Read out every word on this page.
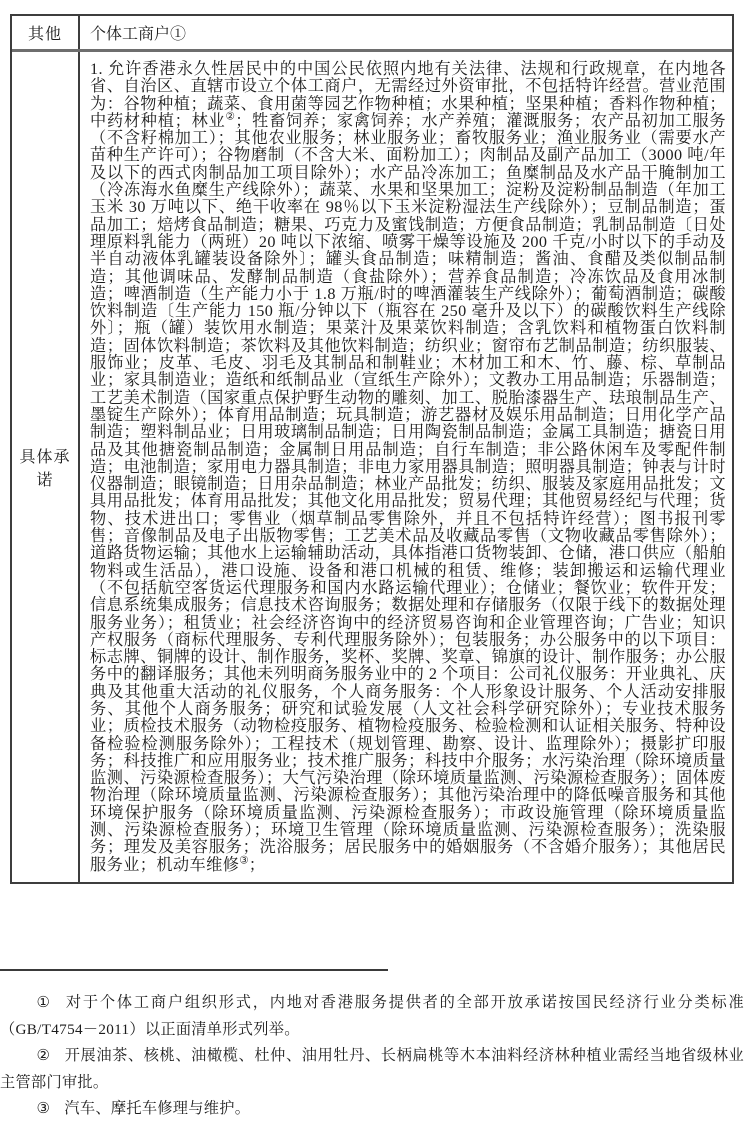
其他 个体工商户①
具体承诺

1. 允许香港永久性居民中的中国公民依照内地有关法律、法规和行政规章，在内地各省、自治区、直辖市设立个体工商户，无需经过外资审批，不包括特许经营。营业范围为：谷物种植；蔬菜、食用菌等园艺作物种植；水果种植；坚果种植；香料作物种植；中药材种植；林业②；牲畜饲养；家禽饲养；水产养殖；灌溉服务；农产品初加工服务（不含籽棉加工）；其他农业服务；林业服务业；畜牧服务业；渔业服务业（需要水产苗种生产许可）；谷物磨制（不含大米、面粉加工）；肉制品及副产品加工（3000 吨/年及以下的西式肉制品加工项目除外）；水产品冷冻加工；鱼糜制品及水产品干腌制加工（冷冻海水鱼糜生产线除外）；蔬菜、水果和坚果加工；淀粉及淀粉制品制造（年加工玉米 30 万吨以下、绝干收率在 98％以下玉米淀粉湿法生产线除外）；豆制品制造；蛋品加工；焙烤食品制造；糖果、巧克力及蜜饯制造；方便食品制造；乳制品制造〔日处理原料乳能力（两班）20 吨以下浓缩、喷雾干燥等设施及 200 千克/小时以下的手动及半自动液体乳罐装设备除外〕；罐头食品制造；味精制造；酱油、食醋及类似制品制造；其他调味品、发酵制品制造（食盐除外）；营养食品制造；冷冻饮品及食用冰制造；啤酒制造（生产能力小于 1.8 万瓶/时的啤酒灌装生产线除外）；葡萄酒制造；碳酸饮料制造〔生产能力 150 瓶/分钟以下（瓶容在 250 毫升及以下）的碳酸饮料生产线除外〕；瓶（罐）装饮用水制造；果菜汁及果菜饮料制造；含乳饮料和植物蛋白饮料制造；固体饮料制造；茶饮料及其他饮料制造；纺织业；窗帘布艺制品制造；纺织服装、服饰业；皮革、毛皮、羽毛及其制品和制鞋业；木材加工和木、竹、藤、棕、草制品业；家具制造业；造纸和纸制品业（宣纸生产除外）；文教办工用品制造；乐器制造；工艺美术制造（国家重点保护野生动物的雕刻、加工、脱胎漆器生产、珐琅制品生产、墨锭生产除外）；体育用品制造；玩具制造；游艺器材及娱乐用品制造；日用化学产品制造；塑料制品业；日用玻璃制品制造；日用陶瓷制品制造；金属工具制造；搪瓷日用品及其他搪瓷制品制造；金属制日用品制造；自行车制造；非公路休闲车及零配件制造；电池制造；家用电力器具制造；非电力家用器具制造；照明器具制造；钟表与计时仪器制造；眼镜制造；日用杂品制造；林业产品批发；纺织、服装及家庭用品批发；文具用品批发；体育用品批发；其他文化用品批发；贸易代理；其他贸易经纪与代理；货物、技术进出口；零售业（烟草制品零售除外，并且不包括特许经营）；图书报刊零售；音像制品及电子出版物零售；工艺美术品及收藏品零售（文物收藏品零售除外）；道路货物运输；其他水上运输辅助活动，具体指港口货物装卸、仓储，港口供应（船舶物料或生活品），港口设施、设备和港口机械的租赁、维修；装卸搬运和运输代理业（不包括航空客货运代理服务和国内水路运输代理业）；仓储业；餐饮业；软件开发；信息系统集成服务；信息技术咨询服务；数据处理和存储服务（仅限于线下的数据处理服务业务）；租赁业；社会经济咨询中的经济贸易咨询和企业管理咨询；广告业；知识产权服务（商标代理服务、专利代理服务除外）；包装服务；办公服务中的以下项目：标志牌、铜牌的设计、制作服务，奖杯、奖牌、奖章、锦旗的设计、制作服务；办公服务中的翻译服务；其他未列明商务服务业中的 2 个项目：公司礼仪服务：开业典礼、庆典及其他重大活动的礼仪服务，个人商务服务：个人形象设计服务、个人活动安排服务、其他个人商务服务；研究和试验发展（人文社会科学研究除外）；专业技术服务业；质检技术服务（动物检疫服务、植物检疫服务、检验检测和认证相关服务、特种设备检验检测服务除外）；工程技术（规划管理、勘察、设计、监理除外）；摄影扩印服务；科技推广和应用服务业；技术推广服务；科技中介服务；水污染治理（除环境质量监测、污染源检查服务）；大气污染治理（除环境质量监测、污染源检查服务）；固体废物治理（除环境质量监测、污染源检查服务）；其他污染治理中的降低噪音服务和其他环境保护服务（除环境质量监测、污染源检查服务）；市政设施管理（除环境质量监测、污染源检查服务）；环境卫生管理（除环境质量监测、污染源检查服务）；洗染服务；理发及美容服务；洗浴服务；居民服务中的婚姻服务（不含婚介服务）；其他居民服务业；机动车维修③；

① 对于个体工商户组织形式，内地对香港服务提供者的全部开放承诺按国民经济行业分类标准（GB/T4754－2011）以正面清单形式列举。

② 开展油茶、核桃、油橄榄、杜仲、油用牡丹、长柄扁桃等木本油料经济林种植业需经当地省级林业主管部门审批。

③ 汽车、摩托车修理与维护。
